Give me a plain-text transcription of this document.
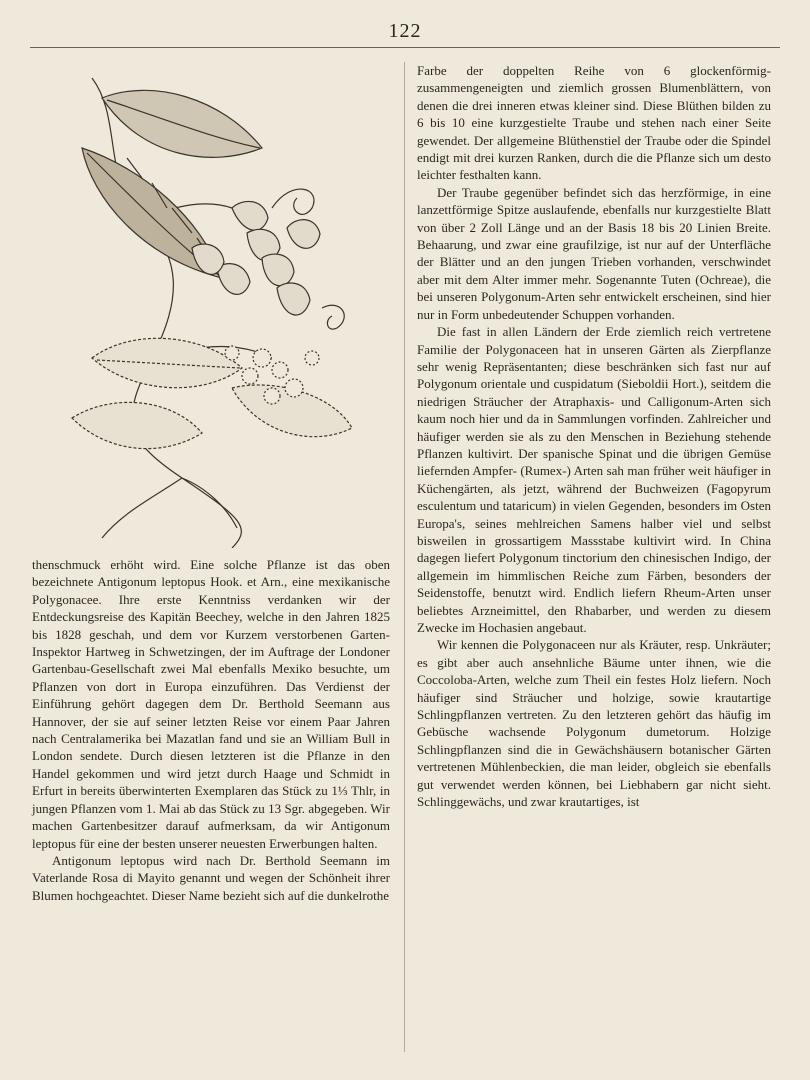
122

thenschmuck erhöht wird. Eine solche Pflanze ist das oben bezeichnete Antigonum leptopus Hook. et Arn., eine mexikanische Polygonacee. Ihre erste Kenntniss verdanken wir der Entdeckungsreise des Kapitän Beechey, welche in den Jahren 1825 bis 1828 geschah, und dem vor Kurzem verstorbenen Garten-Inspektor Hartweg in Schwetzingen, der im Auftrage der Londoner Gartenbau-Gesellschaft zwei Mal ebenfalls Mexiko besuchte, um Pflanzen von dort in Europa einzuführen. Das Verdienst der Einführung gehört dagegen dem Dr. Berthold Seemann aus Hannover, der sie auf seiner letzten Reise vor einem Paar Jahren nach Centralamerika bei Mazatlan fand und sie an William Bull in London sendete. Durch diesen letzteren ist die Pflanze in den Handel gekommen und wird jetzt durch Haage und Schmidt in Erfurt in bereits überwinterten Exemplaren das Stück zu 1⅓ Thlr, in jungen Pflanzen vom 1. Mai ab das Stück zu 13 Sgr. abgegeben. Wir machen Gartenbesitzer darauf aufmerksam, da wir Antigonum leptopus für eine der besten unserer neuesten Erwerbungen halten.

Antigonum leptopus wird nach Dr. Berthold Seemann im Vaterlande Rosa di Mayito genannt und wegen der Schönheit ihrer Blumen hochgeachtet. Dieser Name bezieht sich auf die dunkelrothe

Farbe der doppelten Reihe von 6 glockenförmig-zusammengeneigten und ziemlich grossen Blumenblättern, von denen die drei inneren etwas kleiner sind. Diese Blüthen bilden zu 6 bis 10 eine kurzgestielte Traube und stehen nach einer Seite gewendet. Der allgemeine Blüthenstiel der Traube oder die Spindel endigt mit drei kurzen Ranken, durch die die Pflanze sich um desto leichter festhalten kann.

Der Traube gegenüber befindet sich das herzförmige, in eine lanzettförmige Spitze auslaufende, ebenfalls nur kurzgestielte Blatt von über 2 Zoll Länge und an der Basis 18 bis 20 Linien Breite. Behaarung, und zwar eine graufilzige, ist nur auf der Unterfläche der Blätter und an den jungen Trieben vorhanden, verschwindet aber mit dem Alter immer mehr. Sogenannte Tuten (Ochreae), die bei unseren Polygonum-Arten sehr entwickelt erscheinen, sind hier nur in Form unbedeutender Schuppen vorhanden.

Die fast in allen Ländern der Erde ziemlich reich vertretene Familie der Polygonaceen hat in unseren Gärten als Zierpflanze sehr wenig Repräsentanten; diese beschränken sich fast nur auf Polygonum orientale und cuspidatum (Sieboldii Hort.), seitdem die niedrigen Sträucher der Atraphaxis- und Calligonum-Arten sich kaum noch hier und da in Sammlungen vorfinden. Zahlreicher und häufiger werden sie als zu den Menschen in Beziehung stehende Pflanzen kultivirt. Der spanische Spinat und die übrigen Gemüse liefernden Ampfer- (Rumex-) Arten sah man früher weit häufiger in Küchengärten, als jetzt, während der Buchweizen (Fagopyrum esculentum und tataricum) in vielen Gegenden, besonders im Osten Europa's, seines mehlreichen Samens halber viel und selbst bisweilen in grossartigem Massstabe kultivirt wird. In China dagegen liefert Polygonum tinctorium den chinesischen Indigo, der allgemein im himmlischen Reiche zum Färben, besonders der Seidenstoffe, benutzt wird. Endlich liefern Rheum-Arten unser beliebtes Arzneimittel, den Rhabarber, und werden zu diesem Zwecke im Hochasien angebaut.

Wir kennen die Polygonaceen nur als Kräuter, resp. Unkräuter; es gibt aber auch ansehnliche Bäume unter ihnen, wie die Coccoloba-Arten, welche zum Theil ein festes Holz liefern. Noch häufiger sind Sträucher und holzige, sowie krautartige Schlingpflanzen vertreten. Zu den letzteren gehört das häufig im Gebüsche wachsende Polygonum dumetorum. Holzige Schlingpflanzen sind die in Gewächshäusern botanischer Gärten vertretenen Mühlenbeckien, die man leider, obgleich sie ebenfalls gut verwendet werden können, bei Liebhabern gar nicht sieht. Schlinggewächs, und zwar krautartiges, ist
